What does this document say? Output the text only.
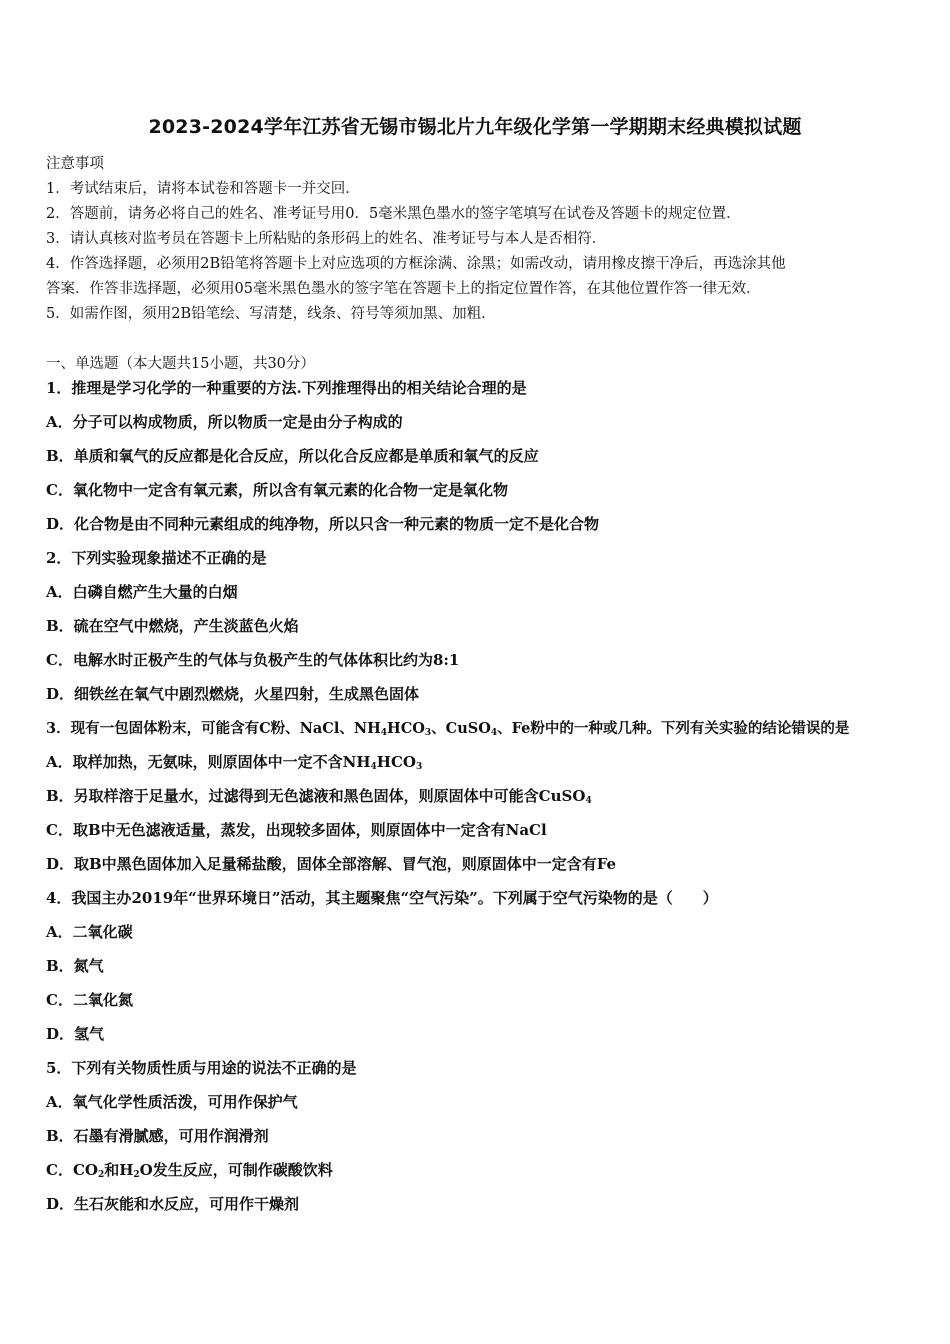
2023-2024学年江苏省无锡市锡北片九年级化学第一学期期末经典模拟试题
注意事项
1．考试结束后，请将本试卷和答题卡一并交回．
2．答题前，请务必将自己的姓名、准考证号用0．5毫米黑色墨水的签字笔填写在试卷及答题卡的规定位置．
3．请认真核对监考员在答题卡上所粘贴的条形码上的姓名、准考证号与本人是否相符．
4．作答选择题，必须用2B铅笔将答题卡上对应选项的方框涂满、涂黑；如需改动，请用橡皮擦干净后，再选涂其他
答案．作答非选择题，必须用05毫米黑色墨水的签字笔在答题卡上的指定位置作答，在其他位置作答一律无效．
5．如需作图，须用2B铅笔绘、写清楚，线条、符号等须加黑、加粗．
一、单选题（本大题共15小题，共30分）
1．推理是学习化学的一种重要的方法.下列推理得出的相关结论合理的是
A．分子可以构成物质，所以物质一定是由分子构成的
B．单质和氧气的反应都是化合反应，所以化合反应都是单质和氧气的反应
C．氧化物中一定含有氧元素，所以含有氧元素的化合物一定是氧化物
D．化合物是由不同种元素组成的纯净物，所以只含一种元素的物质一定不是化合物
2．下列实验现象描述不正确的是
A．白磷自燃产生大量的白烟
B．硫在空气中燃烧，产生淡蓝色火焰
C．电解水时正极产生的气体与负极产生的气体体积比约为8:1
D．细铁丝在氧气中剧烈燃烧，火星四射，生成黑色固体
3．现有一包固体粉末，可能含有C粉、NaCl、$NH_4HCO_3$、CuSO$_4$、Fe粉中的一种或几种。下列有关实验的结论错误的是
A．取样加热，无氨味，则原固体中一定不含$NH_4HCO_3$
B．另取样溶于足量水，过滤得到无色滤液和黑色固体，则原固体中可能含CuSO$_4$
C．取B中无色滤液适量，蒸发，出现较多固体，则原固体中一定含有NaCl
D．取B中黑色固体加入足量稀盐酸，固体全部溶解、冒气泡，则原固体中一定含有Fe
4．我国主办2019年“世界环境日”活动，其主题聚焦“空气污染”。下列属于空气污染物的是（　　）
A．二氧化碳
B．氮气
C．二氧化氮
D．氢气
5．下列有关物质性质与用途的说法不正确的是
A．氧气化学性质活泼，可用作保护气
B．石墨有滑腻感，可用作润滑剂
C．$CO_2$和$H_2O$发生反应，可制作碳酸饮料
D．生石灰能和水反应，可用作干燥剂
